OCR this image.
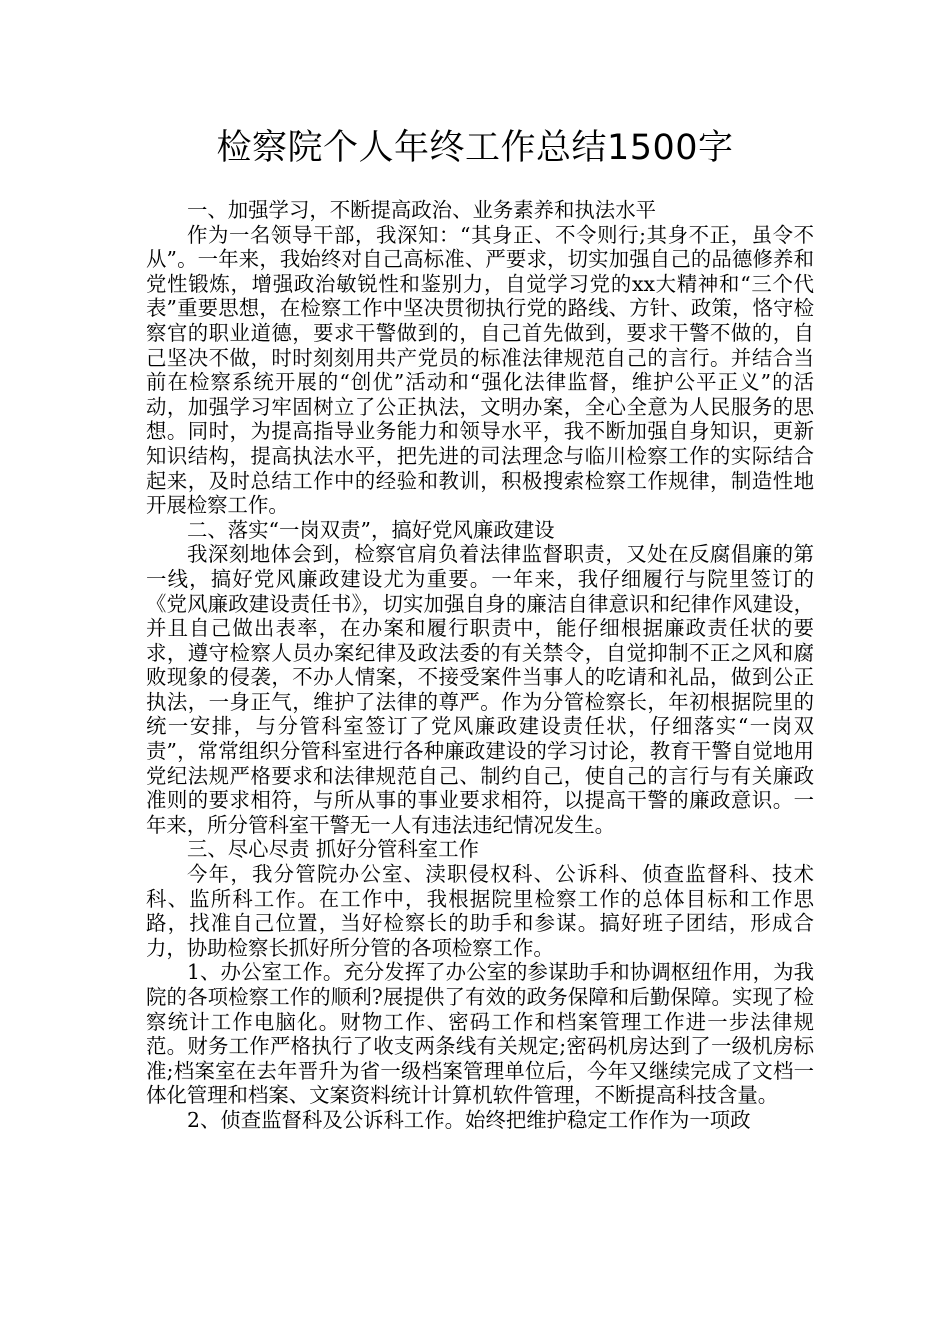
检察院个人年终工作总结1500字

一、加强学习，不断提高政治、业务素养和执法水平

作为一名领导干部，我深知：“其身正、不令则行;其身不正，虽令不从”。一年来，我始终对自己高标准、严要求，切实加强自己的品德修养和党性锻炼，增强政治敏锐性和鉴别力，自觉学习党的xx大精神和“三个代表”重要思想，在检察工作中坚决贯彻执行党的路线、方针、政策，恪守检察官的职业道德，要求干警做到的，自己首先做到，要求干警不做的，自己坚决不做，时时刻刻用共产党员的标准法律规范自己的言行。并结合当前在检察系统开展的“创优”活动和“强化法律监督，维护公平正义”的活动，加强学习牢固树立了公正执法，文明办案，全心全意为人民服务的思想。同时，为提高指导业务能力和领导水平，我不断加强自身知识，更新知识结构，提高执法水平，把先进的司法理念与临川检察工作的实际结合起来，及时总结工作中的经验和教训，积极搜索检察工作规律，制造性地开展检察工作。

二、落实“一岗双责”，搞好党风廉政建设

我深刻地体会到，检察官肩负着法律监督职责，又处在反腐倡廉的第一线，搞好党风廉政建设尤为重要。一年来，我仔细履行与院里签订的《党风廉政建设责任书》，切实加强自身的廉洁自律意识和纪律作风建设，并且自己做出表率，在办案和履行职责中，能仔细根据廉政责任状的要求，遵守检察人员办案纪律及政法委的有关禁令，自觉抑制不正之风和腐败现象的侵袭，不办人情案，不接受案件当事人的吃请和礼品，做到公正执法，一身正气，维护了法律的尊严。作为分管检察长，年初根据院里的统一安排，与分管科室签订了党风廉政建设责任状，仔细落实“一岗双责”，常常组织分管科室进行各种廉政建设的学习讨论，教育干警自觉地用党纪法规严格要求和法律规范自己、制约自己，使自己的言行与有关廉政准则的要求相符，与所从事的事业要求相符，以提高干警的廉政意识。一年来，所分管科室干警无一人有违法违纪情况发生。

三、尽心尽责 抓好分管科室工作

今年，我分管院办公室、渎职侵权科、公诉科、侦查监督科、技术科、监所科工作。在工作中，我根据院里检察工作的总体目标和工作思路，找准自己位置，当好检察长的助手和参谋。搞好班子团结，形成合力，协助检察长抓好所分管的各项检察工作。

1、办公室工作。充分发挥了办公室的参谋助手和协调枢纽作用，为我院的各项检察工作的顺利?展提供了有效的政务保障和后勤保障。实现了检察统计工作电脑化。财物工作、密码工作和档案管理工作进一步法律规范。财务工作严格执行了收支两条线有关规定;密码机房达到了一级机房标准;档案室在去年晋升为省一级档案管理单位后，今年又继续完成了文档一体化管理和档案、文案资料统计计算机软件管理，不断提高科技含量。

2、侦查监督科及公诉科工作。始终把维护稳定工作作为一项政
